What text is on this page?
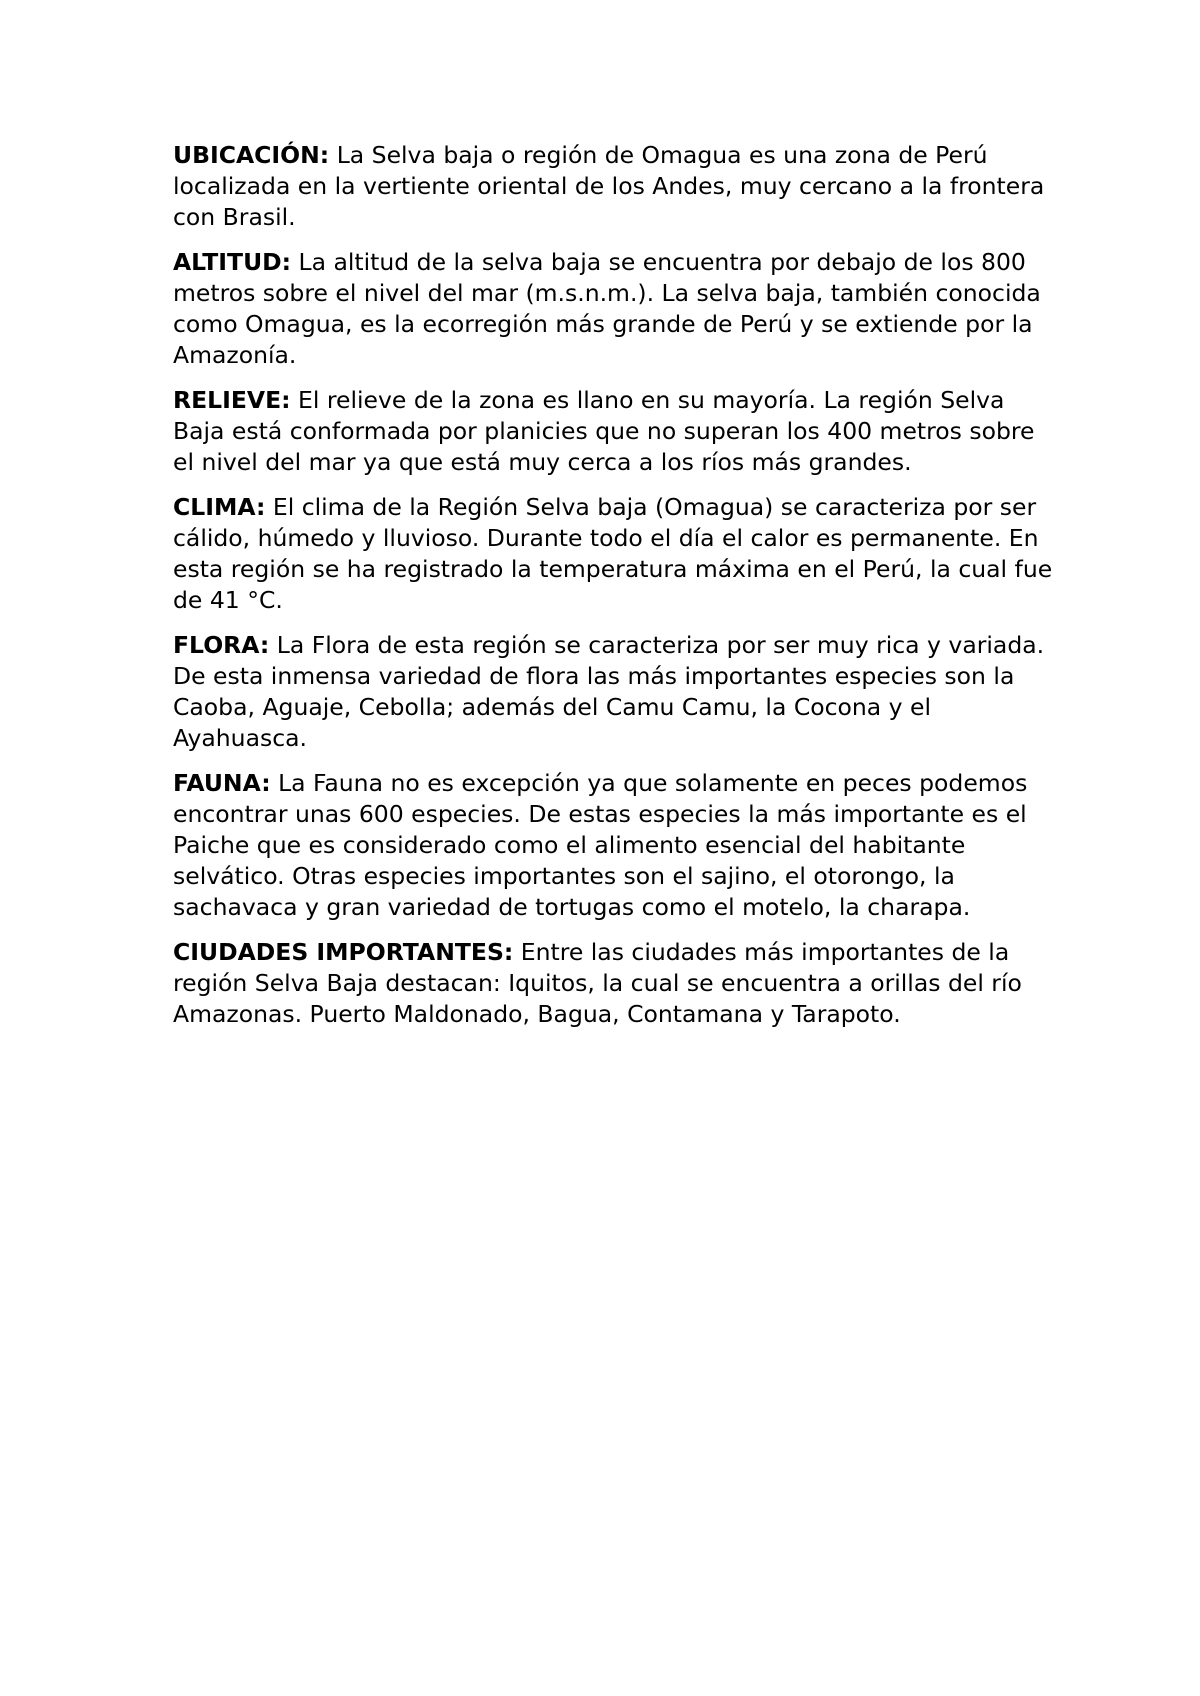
UBICACIÓN: La Selva baja o región de Omagua es una zona de Perú localizada en la vertiente oriental de los Andes, muy cercano a la frontera con Brasil.

ALTITUD: La altitud de la selva baja se encuentra por debajo de los 800 metros sobre el nivel del mar (m.s.n.m.). La selva baja, también conocida como Omagua, es la ecorregión más grande de Perú y se extiende por la Amazonía.

RELIEVE: El relieve de la zona es llano en su mayoría. La región Selva Baja está conformada por planicies que no superan los 400 metros sobre el nivel del mar ya que está muy cerca a los ríos más grandes.

CLIMA: El clima de la Región Selva baja (Omagua) se caracteriza por ser cálido, húmedo y lluvioso. Durante todo el día el calor es permanente. En esta región se ha registrado la temperatura máxima en el Perú, la cual fue de 41 °C.

FLORA: La Flora de esta región se caracteriza por ser muy rica y variada. De esta inmensa variedad de flora las más importantes especies son la Caoba, Aguaje, Cebolla; además del Camu Camu, la Cocona y el Ayahuasca.

FAUNA: La Fauna no es excepción ya que solamente en peces podemos encontrar unas 600 especies. De estas especies la más importante es el Paiche que es considerado como el alimento esencial del habitante selvático. Otras especies importantes son el sajino, el otorongo, la sachavaca y gran variedad de tortugas como el motelo, la charapa.

CIUDADES IMPORTANTES: Entre las ciudades más importantes de la región Selva Baja destacan: Iquitos, la cual se encuentra a orillas del río Amazonas. Puerto Maldonado, Bagua, Contamana y Tarapoto.
